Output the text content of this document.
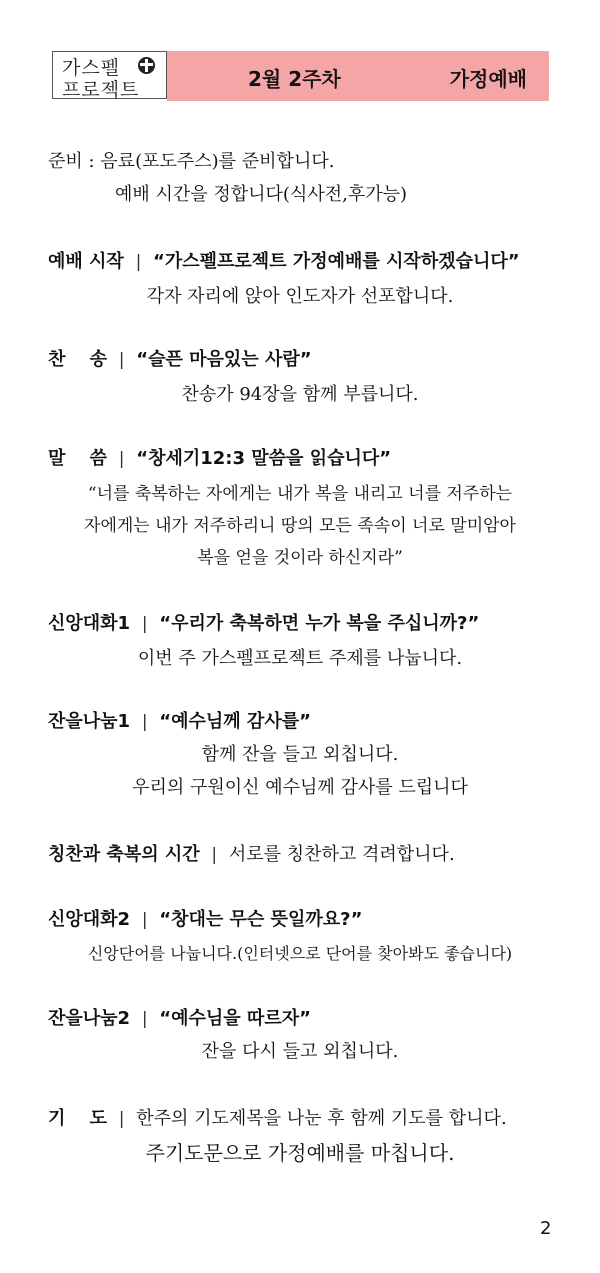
가스펠
프로젝트	2월 2주차	가정예배
준비 : 음료(포도주스)를 준비합니다.
예배 시간을 정합니다(식사전,후가능)
예배 시작 | “가스펠프로젝트 가정예배를 시작하겠습니다”
각자 자리에 앉아 인도자가 선포합니다.
찬　 송 | “슬픈 마음있는 사람”
찬송가 94장을 함께 부릅니다.
말　 씀 | “창세기12:3 말씀을 읽습니다”
“너를 축복하는 자에게는 내가 복을 내리고 너를 저주하는
자에게는 내가 저주하리니 땅의 모든 족속이 너로 말미암아
복을 얻을 것이라 하신지라”
신앙대화1 | “우리가 축복하면 누가 복을 주십니까?”
이번 주 가스펠프로젝트 주제를 나눕니다.
잔을나눔1 | “예수님께 감사를”
함께 잔을 들고 외칩니다.
우리의 구원이신 예수님께 감사를 드립니다
칭찬과 축복의 시간 | 서로를 칭찬하고 격려합니다.
신앙대화2 | “창대는 무슨 뜻일까요?”
신앙단어를 나눕니다.(인터넷으로 단어를 찾아봐도 좋습니다)
잔을나눔2 | “예수님을 따르자”
잔을 다시 들고 외칩니다.
기　 도 | 한주의 기도제목을 나눈 후 함께 기도를 합니다.
주기도문으로 가정예배를 마칩니다.
2
